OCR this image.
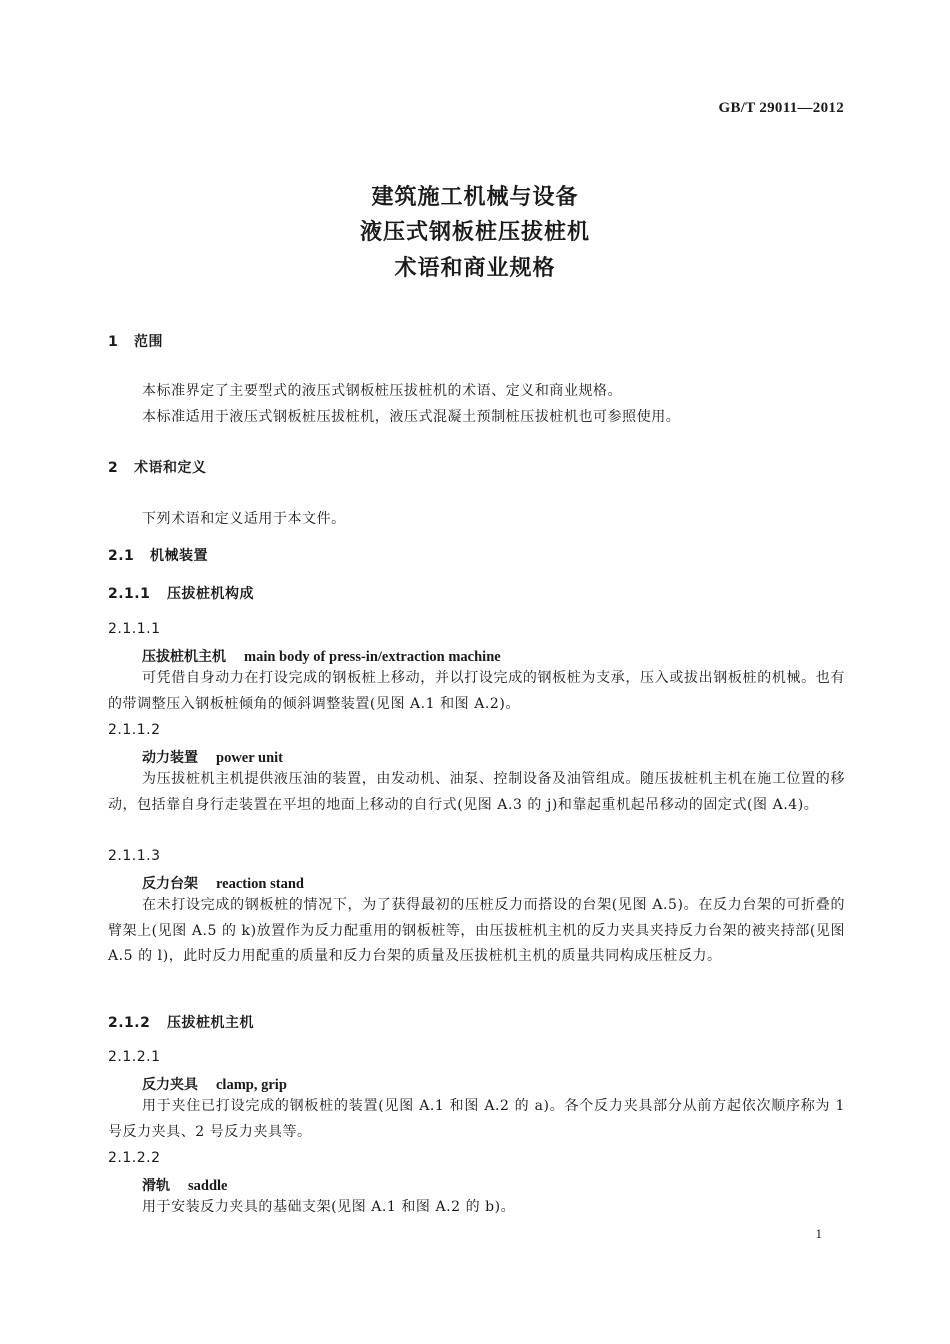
GB/T 29011—2012
建筑施工机械与设备
液压式钢板桩压拔桩机
术语和商业规格
1 范围
本标准界定了主要型式的液压式钢板桩压拔桩机的术语、定义和商业规格。
本标准适用于液压式钢板桩压拔桩机，液压式混凝土预制桩压拔桩机也可参照使用。
2 术语和定义
下列术语和定义适用于本文件。
2.1 机械装置
2.1.1 压拔桩机构成
2.1.1.1
压拔桩机主机 main body of press-in/extraction machine
可凭借自身动力在打设完成的钢板桩上移动，并以打设完成的钢板桩为支承，压入或拔出钢板桩的机械。也有的带调整压入钢板桩倾角的倾斜调整装置(见图 A.1 和图 A.2)。
2.1.1.2
动力装置 power unit
为压拔桩机主机提供液压油的装置，由发动机、油泵、控制设备及油管组成。随压拔桩机主机在施工位置的移动，包括靠自身行走装置在平坦的地面上移动的自行式(见图 A.3 的 j)和靠起重机起吊移动的固定式(图 A.4)。
2.1.1.3
反力台架 reaction stand
在未打设完成的钢板桩的情况下，为了获得最初的压桩反力而搭设的台架(见图 A.5)。在反力台架的可折叠的臂架上(见图 A.5 的 k)放置作为反力配重用的钢板桩等，由压拔桩机主机的反力夹具夹持反力台架的被夹持部(见图 A.5 的 l)，此时反力用配重的质量和反力台架的质量及压拔桩机主机的质量共同构成压桩反力。
2.1.2 压拔桩机主机
2.1.2.1
反力夹具 clamp, grip
用于夹住已打设完成的钢板桩的装置(见图 A.1 和图 A.2 的 a)。各个反力夹具部分从前方起依次顺序称为 1 号反力夹具、2 号反力夹具等。
2.1.2.2
滑轨 saddle
用于安装反力夹具的基础支架(见图 A.1 和图 A.2 的 b)。
1
